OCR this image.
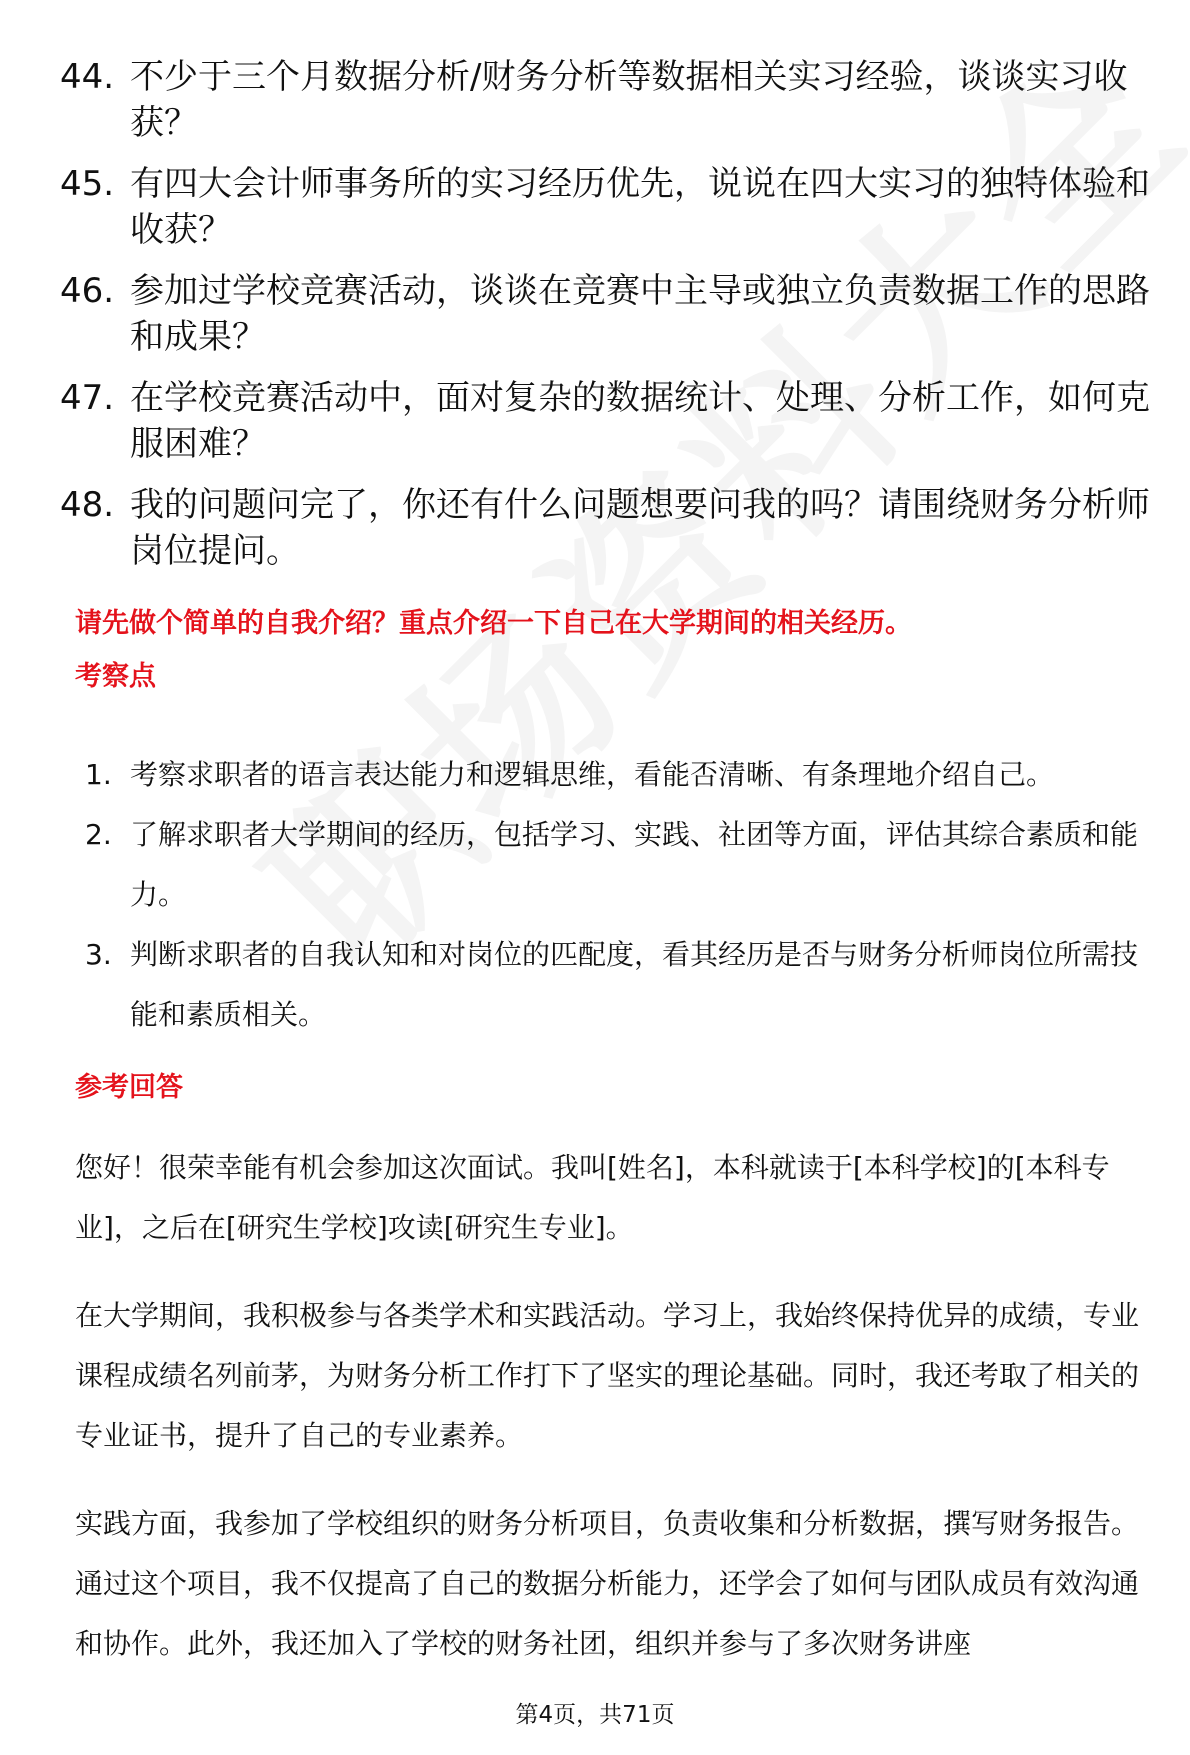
44. 不少于三个月数据分析/财务分析等数据相关实习经验，谈谈实习收获？
45. 有四大会计师事务所的实习经历优先，说说在四大实习的独特体验和收获？
46. 参加过学校竞赛活动，谈谈在竞赛中主导或独立负责数据工作的思路和成果？
47. 在学校竞赛活动中，面对复杂的数据统计、处理、分析工作，如何克服困难？
48. 我的问题问完了，你还有什么问题想要问我的吗？请围绕财务分析师岗位提问。
请先做个简单的自我介绍？重点介绍一下自己在大学期间的相关经历。
考察点
1. 考察求职者的语言表达能力和逻辑思维，看能否清晰、有条理地介绍自己。
2. 了解求职者大学期间的经历，包括学习、实践、社团等方面，评估其综合素质和能力。
3. 判断求职者的自我认知和对岗位的匹配度，看其经历是否与财务分析师岗位所需技能和素质相关。
参考回答

您好！很荣幸能有机会参加这次面试。我叫[姓名]，本科就读于[本科学校]的[本科专业]，之后在[研究生学校]攻读[研究生专业]。

在大学期间，我积极参与各类学术和实践活动。学习上，我始终保持优异的成绩，专业课程成绩名列前茅，为财务分析工作打下了坚实的理论基础。同时，我还考取了相关的专业证书，提升了自己的专业素养。

实践方面，我参加了学校组织的财务分析项目，负责收集和分析数据，撰写财务报告。通过这个项目，我不仅提高了自己的数据分析能力，还学会了如何与团队成员有效沟通和协作。此外，我还加入了学校的财务社团，组织并参与了多次财务讲座

第4页，共71页
